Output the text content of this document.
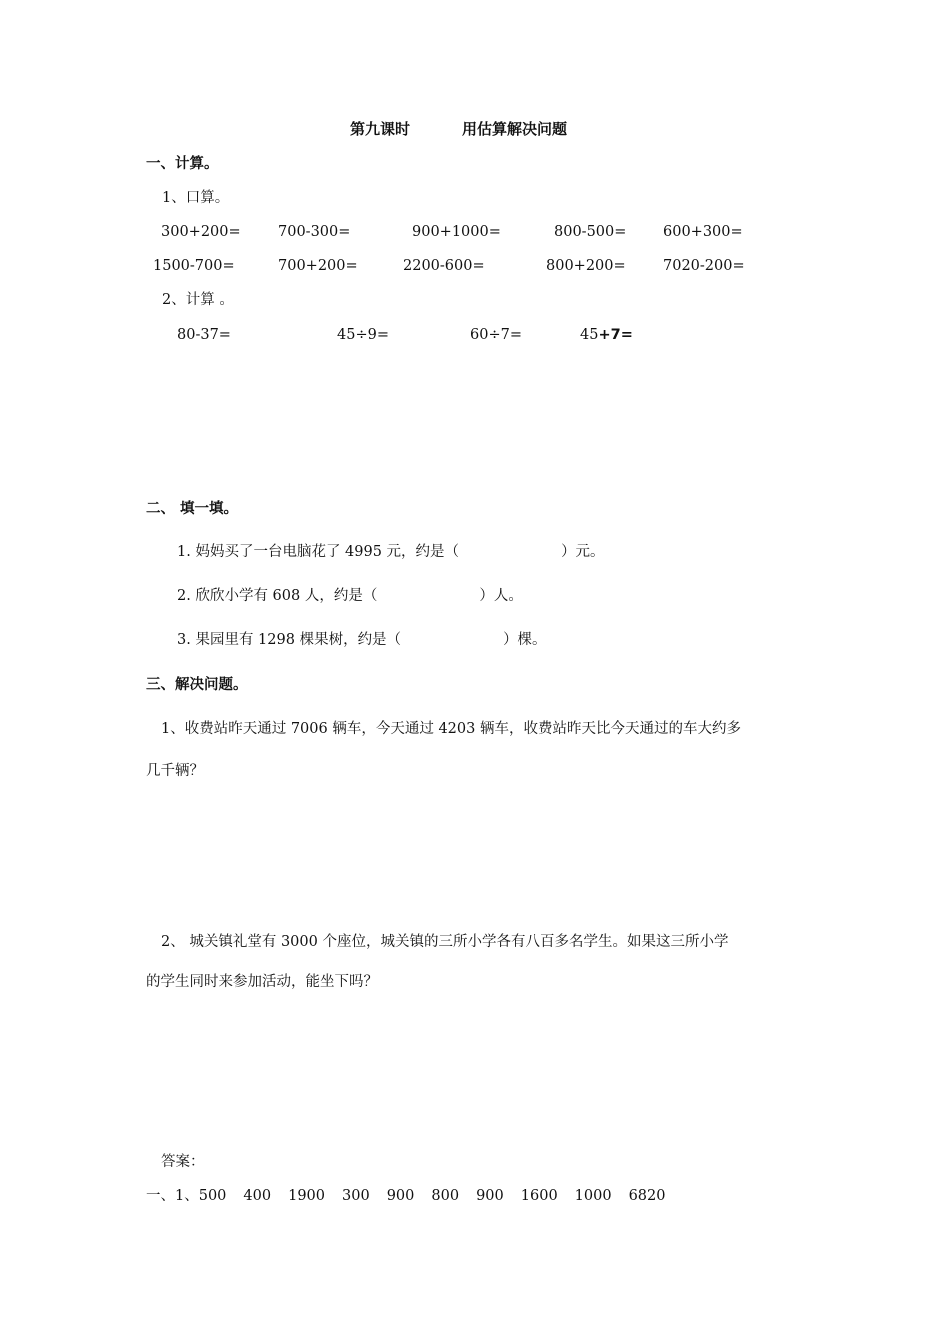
第九课时	用估算解决问题
一、计算。
1、口算。
300+200=	700-300=	900+1000=	800-500=	600+300=
1500-700=	700+200=	2200-600=	800+200=	7020-200=
2、计算 。
80-37=	45÷9=	60÷7=	45+7=
二、 填一填。
1. 妈妈买了一台电脑花了 4995 元，约是（	）元。
2. 欣欣小学有 608 人，约是（	）人。
3. 果园里有 1298 棵果树，约是（	）棵。
三、解决问题。
1、收费站昨天通过 7006 辆车，今天通过 4203 辆车，收费站昨天比今天通过的车大约多
几千辆？
2、 城关镇礼堂有 3000 个座位，城关镇的三所小学各有八百多名学生。如果这三所小学
的学生同时来参加活动，能坐下吗？
答案：
一、1、500 400 1900 300 900 800 900 1600 1000 6820
